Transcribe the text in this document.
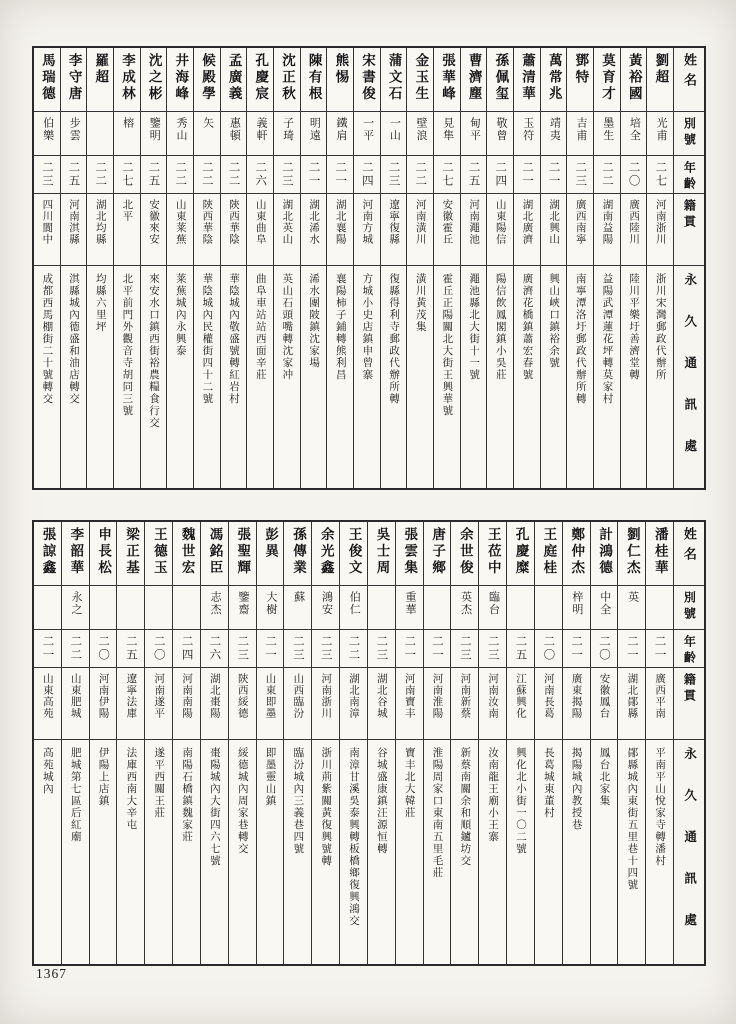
馬瑞德
伯樂
二三
四川閬中
成都西馬棚街二十號轉交
李守唐
步雲
二五
河南淇縣
淇縣城內德盛和油店轉交
羅超
二二
湖北均縣
均縣六里坪
李成林
榕
二七
北平
北平前門外觀音寺胡同三號
沈之彬
鑒明
二五
安徽來安
來安水口鎮西街裕農糧食行交
井海峰
秀山
二二
山東莱蕪
莱蕪城內永興泰
候殿學
矢
二二
陝西華陰
華陰城內民權街四十二號
孟廣義
惠頓
二二
陝西華陰
華陰城內敬盛號轉紅岩村
孔慶宸
義軒
二六
山東曲阜
曲阜車站站西面辛莊
沈正秋
子琦
二三
湖北英山
英山石頭嘴轉沈家冲
陳有根
明遠
二一
湖北浠水
浠水團陂鎮沈家場
熊惕
鐵肩
二一
湖北襄陽
襄陽柿子鋪轉熊利昌
宋書俊
一平
二四
河南方城
方城小史店鎮申曾寨
蒲文石
一山
二三
遼寧復縣
復縣得利寺郵政代辦所轉
金玉生
壁浪
二二
河南潢川
潢川黃茂集
張華峰
見隼
二七
安徽霍丘
霍丘正陽關北大街王興華號
曹濟塵
甸平
二五
河南澠池
澠池縣北大街十一號
孫佩玺
敬曾
二四
山東陽信
陽信飲鳳閣鎮小吳莊
蕭清華
玉符
二一
湖北廣濟
廣濟花橋鎮蕭宏春號
萬常兆
靖夷
二一
湖北興山
興山峽口鎮裕余號
鄧特
吉甫
二三
廣西南寧
南寧潭洛圩郵政代辦所轉
莫育才
墨生
二二
湖南益陽
益陽武潭蓮花坪轉莫家村
黃裕國
培全
二〇
廣西陸川
陸川平樂圩善濟堂轉
劉超
光甫
二七
河南浙川
浙川宋灣郵政代辦所
姓名
別號
年齡
籍貫
永久通訊處
張諒鑫
二一
山東高苑
高苑城內
李韶華
永之
二二
山東肥城
肥城第七區后紅廟
申長松
二〇
河南伊陽
伊陽上店鎮
梁正基
二五
遼寧法庫
法庫西南大辛屯
王德玉
二〇
河南遂平
遂平西關王莊
魏世宏
二四
河南南陽
南陽石橋鎮魏家莊
馮銘臣
志杰
二六
湖北棗陽
棗陽城內大街四六七號
張聖輝
鑒齋
二三
陝西綏德
綏德城內周家巷轉交
彭異
大樹
二一
山東即墨
即墨靈山鎮
孫傳業
蘇
二三
山西臨汾
臨汾城內三義巷四號
余光鑫
鴻安
二三
河南浙川
浙川荊紫關黃復興號轉
王俊文
伯仁
二二
湖北南漳
南漳甘溪吳泰興轉板橋鄉復興鴻交
吳士周
二三
湖北谷城
谷城盛康鎮汪源恒轉
張雲集
重華
二一
河南寶丰
寶丰北大韓莊
唐子鄉
二一
河南淮陽
淮陽周家口東南五里毛莊
余世俊
英杰
二三
河南新蔡
新蔡南關余和順鑪坊交
王莅中
臨台
二三
河南汝南
汝南龍王廟小王寨
孔慶糜
二五
江蘇興化
興化北小街一〇二號
王庭桂
二〇
河南長葛
長葛城東董村
鄭仲杰
梓明
二一
廣東揭陽
揭陽城內教授巷
計鴻德
中全
二〇
安徽鳳台
鳳台北家集
劉仁杰
英
二一
湖北鄖縣
鄖縣城內東街五里巷十四號
潘桂華
二一
廣西平南
平南平山悅家寺轉潘村
姓名
別號
年齡
籍貫
永久通訊處
1367
